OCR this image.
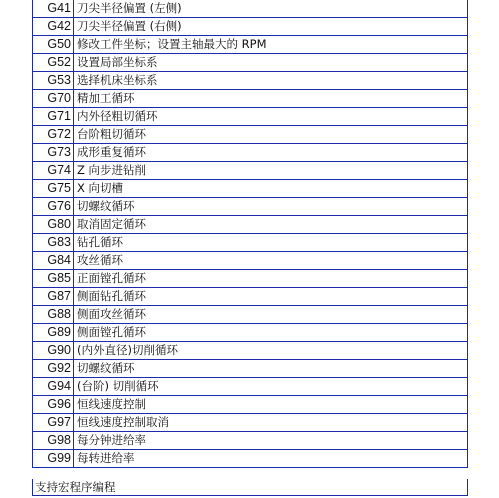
G41	刀尖半径偏置 (左侧)
G42	刀尖半径偏置 (右侧)
G50	修改工件坐标；设置主轴最大的 RPM
G52	设置局部坐标系
G53	选择机床坐标系
G70	精加工循环
G71	内外径粗切循环
G72	台阶粗切循环
G73	成形重复循环
G74	Z 向步进钻削
G75	X 向切槽
G76	切螺纹循环
G80	取消固定循环
G83	钻孔循环
G84	攻丝循环
G85	正面镗孔循环
G87	侧面钻孔循环
G88	侧面攻丝循环
G89	侧面镗孔循环
G90	(内外直径)切削循环
G92	切螺纹循环
G94	(台阶) 切削循环
G96	恒线速度控制
G97	恒线速度控制取消
G98	每分钟进给率
G99	每转进给率
支持宏程序编程
